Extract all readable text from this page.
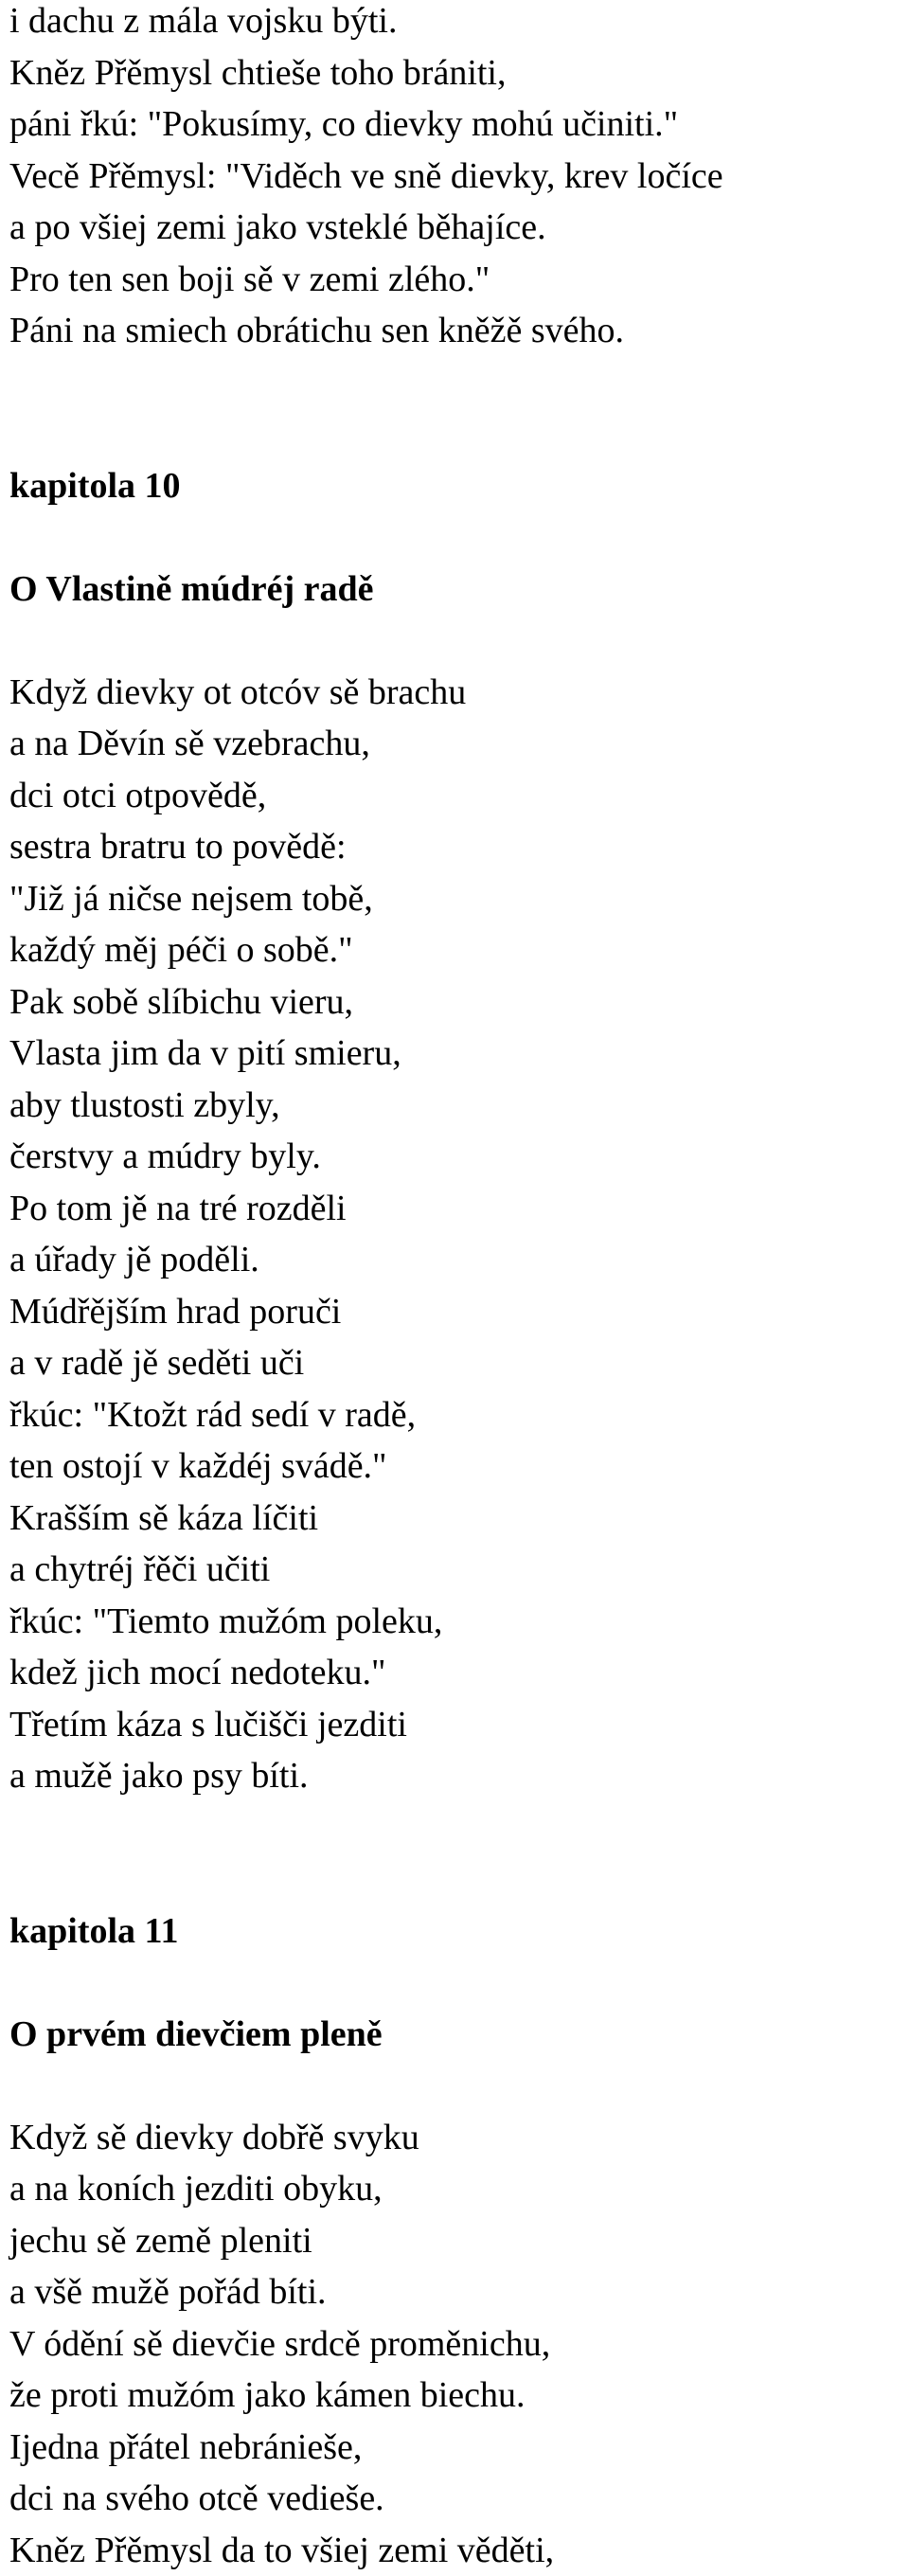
i dachu z mála vojsku býti.
Kněz Přěmysl chtieše toho brániti,
páni řkú: "Pokusímy, co dievky mohú učiniti."
Vecě Přěmysl: "Viděch ve sně dievky, krev ločíce
a po všiej zemi jako vsteklé běhajíce.
Pro ten sen boji sě v zemi zlého."
Páni na smiech obrátichu sen kněžě svého.
kapitola 10
O Vlastině múdréj radě
Když dievky ot otcóv sě brachu
a na Děvín sě vzebrachu,
dci otci otpovědě,
sestra bratru to povědě:
"Již já ničse nejsem tobě,
každý měj péči o sobě."
Pak sobě slíbichu vieru,
Vlasta jim da v pití smieru,
aby tlustosti zbyly,
čerstvy a múdry byly.
Po tom jě na tré rozděli
a úřady jě poděli.
Múdřějším hrad poruči
a v radě jě seděti uči
řkúc: "Ktožt rád sedí v radě,
ten ostojí v každéj svádě."
Krašším sě káza líčiti
a chytréj řěči učiti
řkúc: "Tiemto mužóm poleku,
kdež jich mocí nedoteku."
Třetím káza s lučišči jezditi
a mužě jako psy bíti.
kapitola 11
O prvém dievčiem pleně
Když sě dievky dobřě svyku
a na koních jezditi obyku,
jechu sě země pleniti
a všě mužě pořád bíti.
V ódění sě dievčie srdcě proměnichu,
že proti mužóm jako kámen biechu.
Ijedna přátel nebránieše,
dci na svého otcě vedieše.
Kněz Přěmysl da to všiej zemi věděti,
